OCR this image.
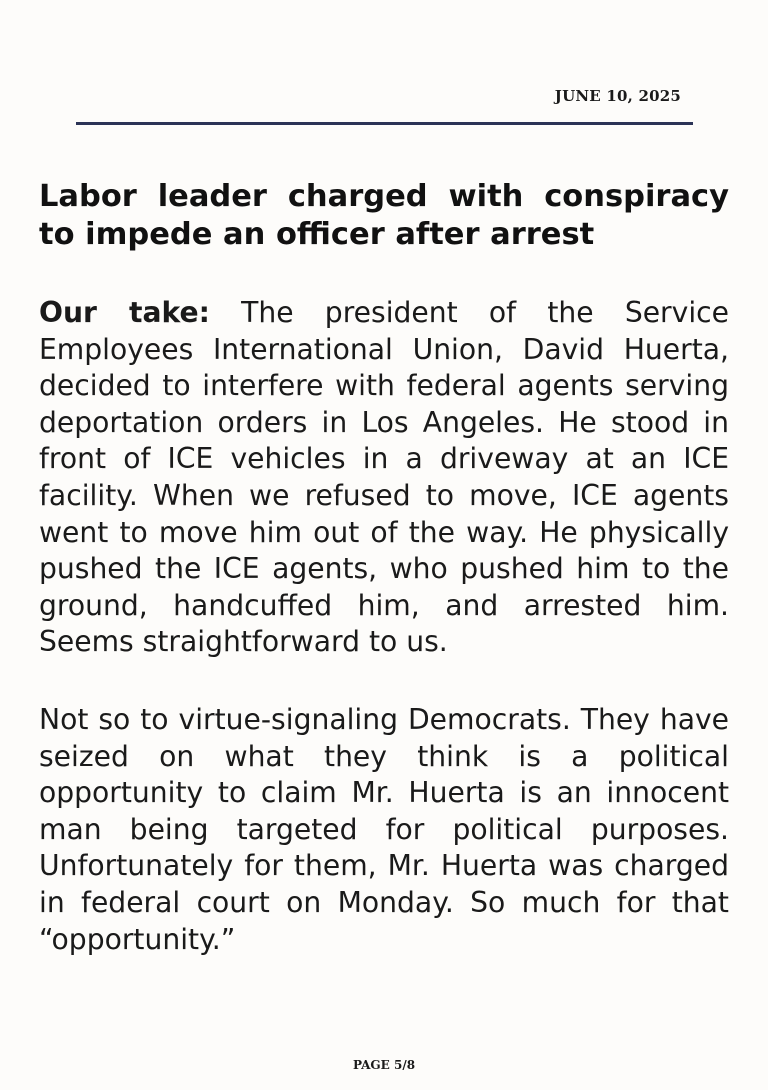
JUNE 10, 2025
Labor leader charged with conspiracy to impede an officer after arrest

Our take: The president of the Service Employees International Union, David Huerta, decided to interfere with federal agents serving deportation orders in Los Angeles. He stood in front of ICE vehicles in a driveway at an ICE facility. When we refused to move, ICE agents went to move him out of the way. He physically pushed the ICE agents, who pushed him to the ground, handcuffed him, and arrested him. Seems straightforward to us.

Not so to virtue-signaling Democrats. They have seized on what they think is a political opportunity to claim Mr. Huerta is an innocent man being targeted for political purposes. Unfortunately for them, Mr. Huerta was charged in federal court on Monday. So much for that “opportunity.”

PAGE 5/8
